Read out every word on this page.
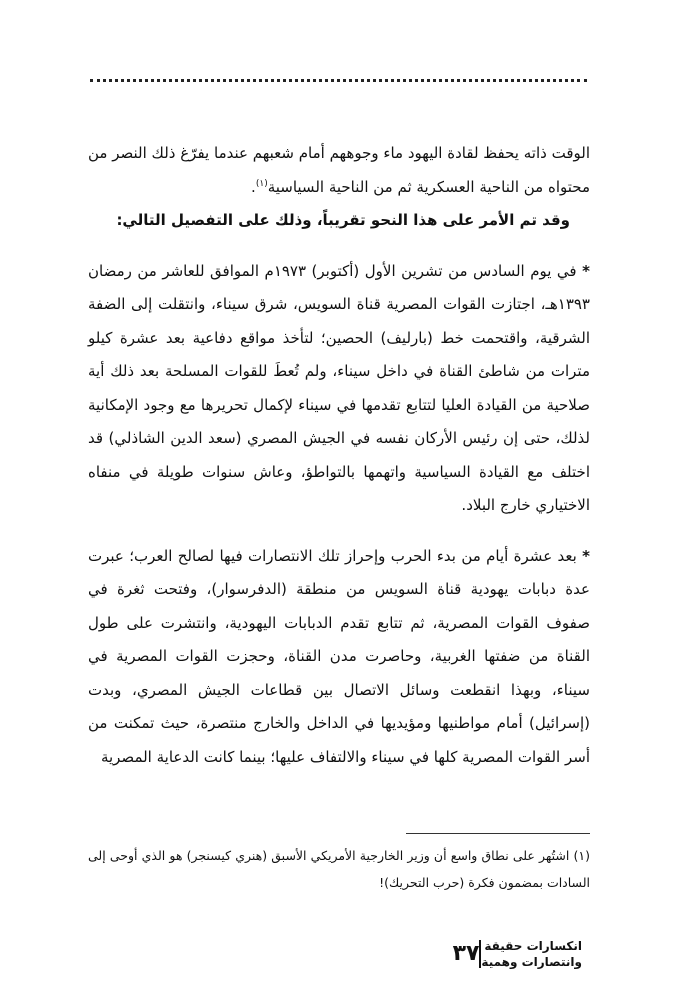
الوقت ذاته يحفظ لقادة اليهود ماء وجوههم أمام شعبهم عندما يفرّغ ذلك النصر من محتواه من الناحية العسكرية ثم من الناحية السياسية$^{(١)}$.

وقد تم الأمر على هذا النحو تقريباً، وذلك على التفصيل التالي:

* في يوم السادس من تشرين الأول (أكتوبر) ١٩٧٣م الموافق للعاشر من رمضان ١٣٩٣هـ، اجتازت القوات المصرية قناة السويس، شرق سيناء، وانتقلت إلى الضفة الشرقية، واقتحمت خط (بارليف) الحصين؛ لتأخذ مواقع دفاعية بعد عشرة كيلو مترات من شاطئ القناة في داخل سيناء، ولم تُعطَ للقوات المسلحة بعد ذلك أية صلاحية من القيادة العليا لتتابع تقدمها في سيناء لإكمال تحريرها مع وجود الإمكانية لذلك، حتى إن رئيس الأركان نفسه في الجيش المصري (سعد الدين الشاذلي) قد اختلف مع القيادة السياسية واتهمها بالتواطؤ، وعاش سنوات طويلة في منفاه الاختياري خارج البلاد.

* بعد عشرة أيام من بدء الحرب وإحراز تلك الانتصارات فيها لصالح العرب؛ عبرت عدة دبابات يهودية قناة السويس من منطقة (الدفرسوار)، وفتحت ثغرة في صفوف القوات المصرية، ثم تتابع تقدم الدبابات اليهودية، وانتشرت على طول القناة من ضفتها الغربية، وحاصرت مدن القناة، وحجزت القوات المصرية في سيناء، وبهذا انقطعت وسائل الاتصال بين قطاعات الجيش المصري، وبدت (إسرائيل) أمام مواطنيها ومؤيديها في الداخل والخارج منتصرة، حيث تمكنت من أسر القوات المصرية كلها في سيناء والالتفاف عليها؛ بينما كانت الدعاية المصرية

(١) اشتُهر على نطاق واسع أن وزير الخارجية الأمريكي الأسبق (هنري كيسنجر) هو الذي أوحى إلى السادات بمضمون فكرة (حرب التحريك)!

انكسارات حقيقة
وانتصارات وهمية
٣٧
